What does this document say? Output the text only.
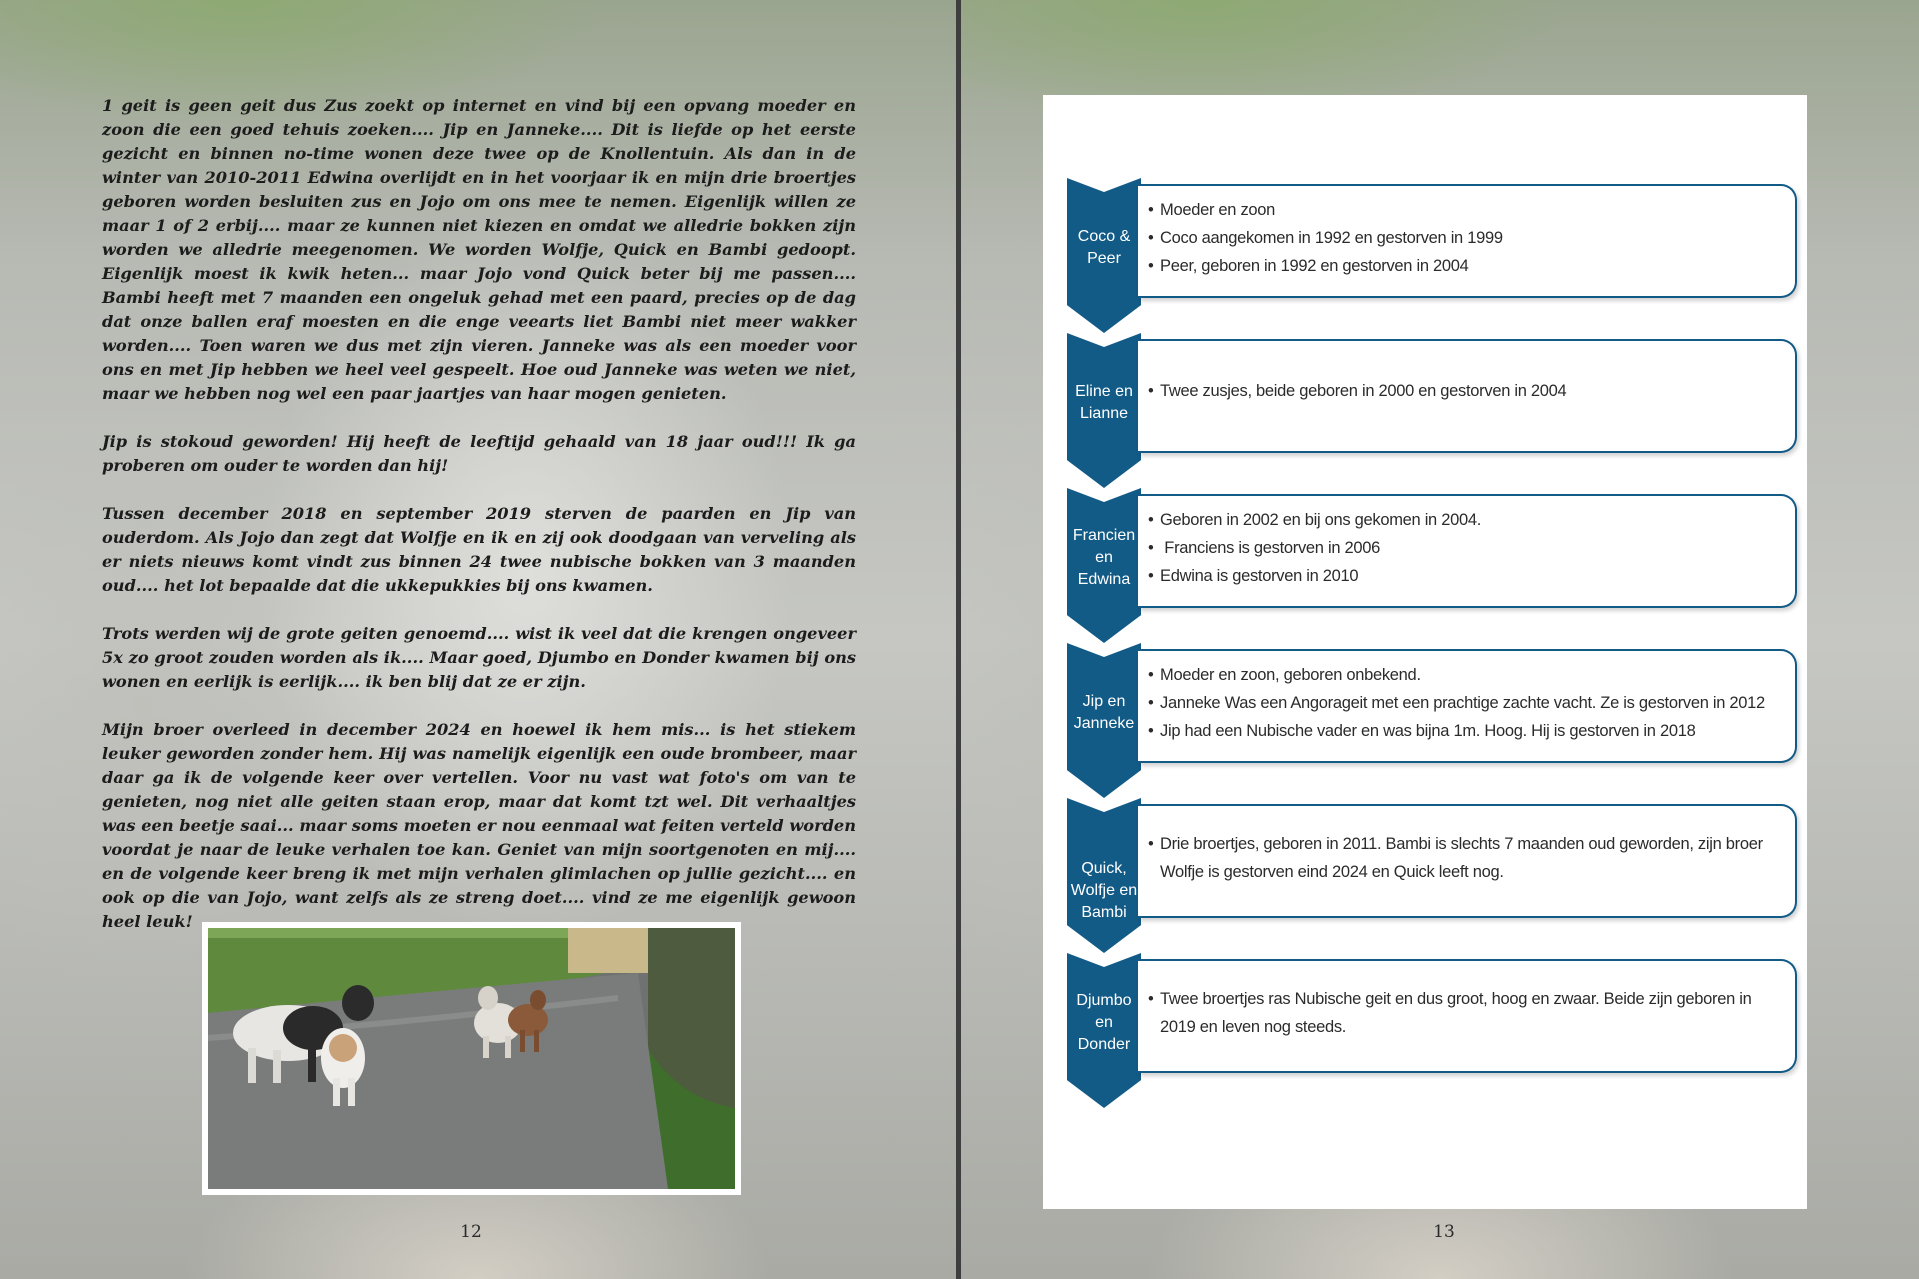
1 geit is geen geit dus Zus zoekt op internet en vind bij een opvang moeder en zoon die een goed tehuis zoeken.... Jip en Janneke.... Dit is liefde op het eerste gezicht en binnen no-time wonen deze twee op de Knollentuin. Als dan in de winter van 2010-2011 Edwina overlijdt en in het voorjaar ik en mijn drie broertjes geboren worden besluiten zus en Jojo om ons mee te nemen. Eigenlijk willen ze maar 1 of 2 erbij.... maar ze kunnen niet kiezen en omdat we alledrie bokken zijn worden we alledrie meegenomen. We worden Wolfje, Quick en Bambi gedoopt. Eigenlijk moest ik kwik heten... maar Jojo vond Quick beter bij me passen.... Bambi heeft met 7 maanden een ongeluk gehad met een paard, precies op de dag dat onze ballen eraf moesten en die enge veearts liet Bambi niet meer wakker worden.... Toen waren we dus met zijn vieren. Janneke was als een moeder voor ons en met Jip hebben we heel veel gespeelt. Hoe oud Janneke was weten we niet, maar we hebben nog wel een paar jaartjes van haar mogen genieten.

Jip is stokoud geworden! Hij heeft de leeftijd gehaald van 18 jaar oud!!! Ik ga proberen om ouder te worden dan hij!

Tussen december 2018 en september 2019 sterven de paarden en Jip van ouderdom. Als Jojo dan zegt dat Wolfje en ik en zij ook doodgaan van verveling als er niets nieuws komt vindt zus binnen 24 twee nubische bokken van 3 maanden oud.... het lot bepaalde dat die ukkepukkies bij ons kwamen.

Trots werden wij de grote geiten genoemd.... wist ik veel dat die krengen ongeveer 5x zo groot zouden worden als ik.... Maar goed, Djumbo en Donder kwamen bij ons wonen en eerlijk is eerlijk.... ik ben blij dat ze er zijn.

Mijn broer overleed in december 2024 en hoewel ik hem mis... is het stiekem leuker geworden zonder hem. Hij was namelijk eigenlijk een oude brombeer, maar daar ga ik de volgende keer over vertellen. Voor nu vast wat foto's om van te genieten, nog niet alle geiten staan erop, maar dat komt tzt wel. Dit verhaaltjes was een beetje saai... maar soms moeten er nou eenmaal wat feiten verteld worden voordat je naar de leuke verhalen toe kan. Geniet van mijn soortgenoten en mij.... en de volgende keer breng ik met mijn verhalen glimlachen op jullie gezicht.... en ook op die van Jojo, want zelfs als ze streng doet.... vind ze me eigenlijk gewoon heel leuk!

12
Coco &
Peer
• Moeder en zoon
• Coco aangekomen in 1992 en gestorven in 1999
• Peer, geboren in 1992 en gestorven in 2004
Eline en
Lianne
• Twee zusjes, beide geboren in 2000 en gestorven in 2004
Francien
en Edwina
• Geboren in 2002 en bij ons gekomen in 2004.
• Franciens is gestorven in 2006
• Edwina is gestorven in 2010
Jip en
Janneke
• Moeder en zoon, geboren onbekend.
• Janneke Was een Angorageit met een prachtige zachte vacht. Ze is gestorven in 2012
• Jip had een Nubische vader en was bijna 1m. Hoog. Hij is gestorven in 2018
Quick,
Wolfje en
Bambi
• Drie broertjes, geboren in 2011. Bambi is slechts 7 maanden oud geworden, zijn broer Wolfje is gestorven eind 2024 en Quick leeft nog.
Djumbo
en Donder
• Twee broertjes ras Nubische geit en dus groot, hoog en zwaar. Beide zijn geboren in 2019 en leven nog steeds.
13
